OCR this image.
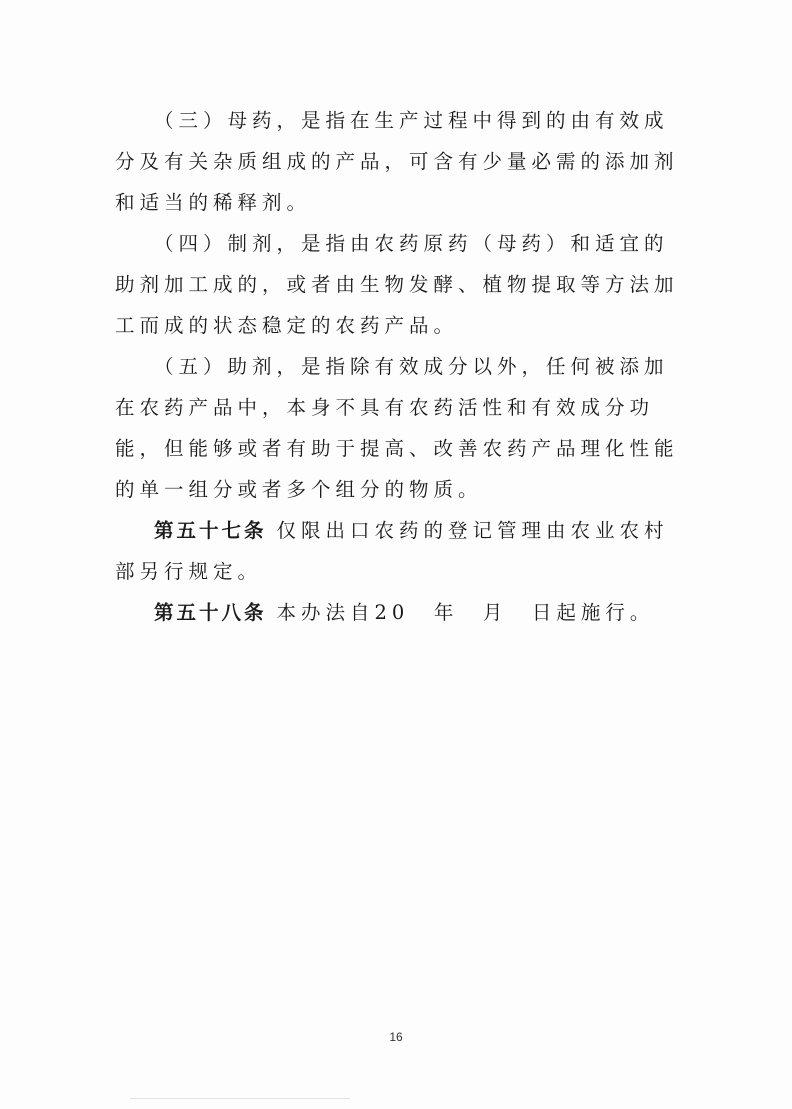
（三）母药，是指在生产过程中得到的由有效成分及有关杂质组成的产品，可含有少量必需的添加剂和适当的稀释剂。

（四）制剂，是指由农药原药（母药）和适宜的助剂加工成的，或者由生物发酵、植物提取等方法加工而成的状态稳定的农药产品。

（五）助剂，是指除有效成分以外，任何被添加在农药产品中，本身不具有农药活性和有效成分功能，但能够或者有助于提高、改善农药产品理化性能的单一组分或者多个组分的物质。

第五十七条 仅限出口农药的登记管理由农业农村部另行规定。

第五十八条 本办法自20　年　月　日起施行。

16
